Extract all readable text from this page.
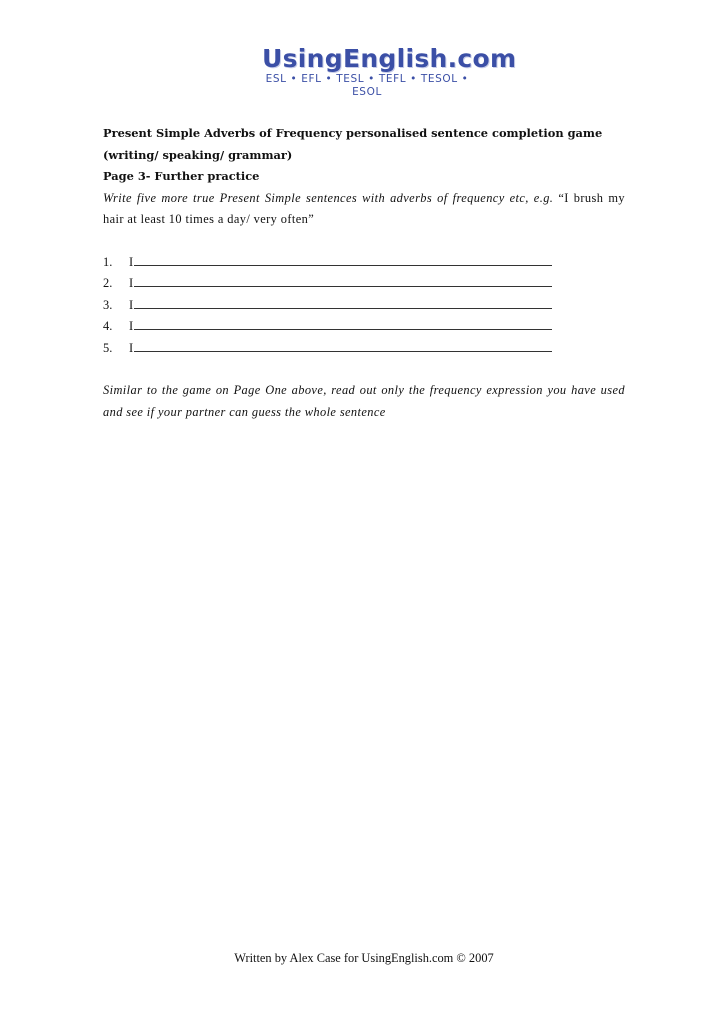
UsingEnglish.com
ESL • EFL • TESL • TEFL • TESOL • ESOL

Present Simple Adverbs of Frequency personalised sentence completion game (writing/ speaking/ grammar)

Page 3- Further practice

Write five more true Present Simple sentences with adverbs of frequency etc, e.g. “I brush my hair at least 10 times a day/ very often”

1.	I
2.	I
3.	I
4.	I
5.	I

Similar to the game on Page One above, read out only the frequency expression you have used and see if your partner can guess the whole sentence

Written by Alex Case for UsingEnglish.com © 2007
